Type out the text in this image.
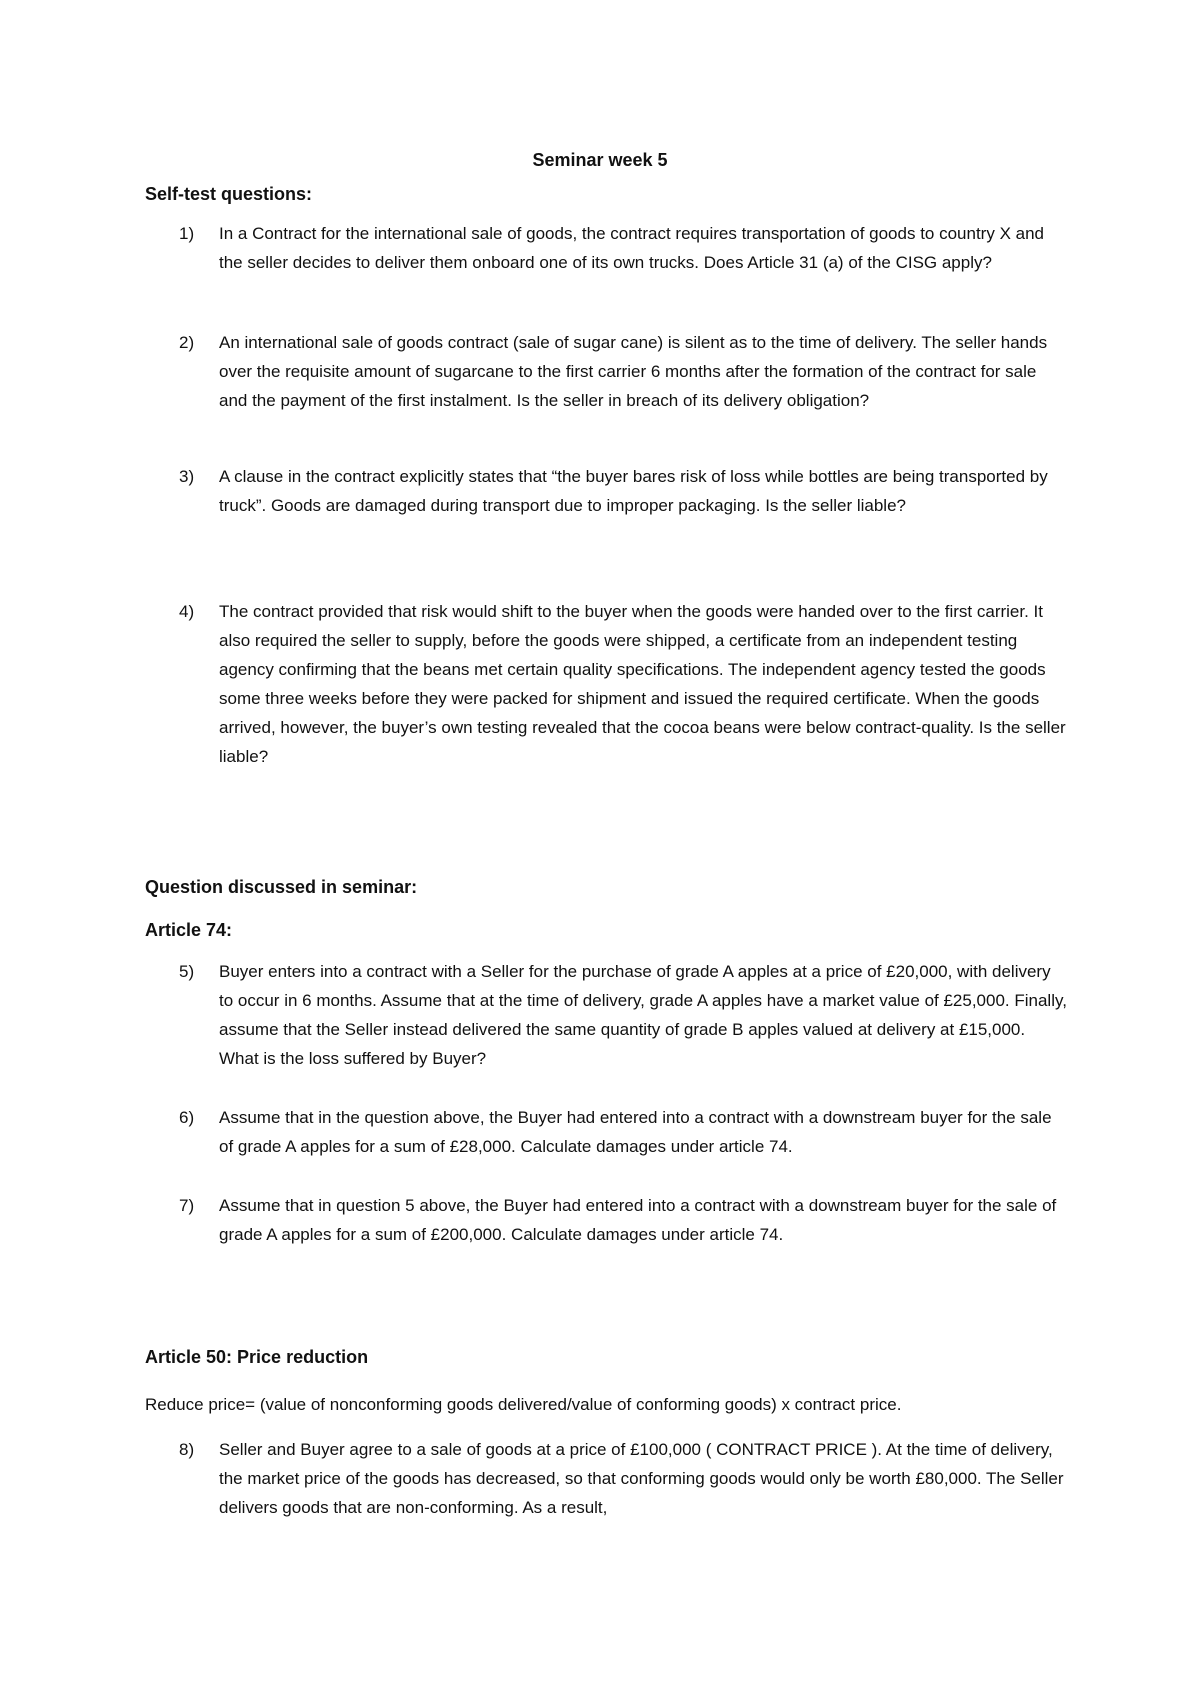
Seminar week 5
Self-test questions:
1) In a Contract for the international sale of goods, the contract requires transportation of goods to country X and the seller decides to deliver them onboard one of its own trucks. Does Article 31 (a) of the CISG apply?
2) An international sale of goods contract (sale of sugar cane) is silent as to the time of delivery. The seller hands over the requisite amount of sugarcane to the first carrier 6 months after the formation of the contract for sale and the payment of the first instalment. Is the seller in breach of its delivery obligation?
3) A clause in the contract explicitly states that “the buyer bares risk of loss while bottles are being transported by truck”. Goods are damaged during transport due to improper packaging. Is the seller liable?
4) The contract provided that risk would shift to the buyer when the goods were handed over to the first carrier. It also required the seller to supply, before the goods were shipped, a certificate from an independent testing agency confirming that the beans met certain quality specifications. The independent agency tested the goods some three weeks before they were packed for shipment and issued the required certificate. When the goods arrived, however, the buyer’s own testing revealed that the cocoa beans were below contract-quality. Is the seller liable?
Question discussed in seminar:
Article 74:
5) Buyer enters into a contract with a Seller for the purchase of grade A apples at a price of £20,000, with delivery to occur in 6 months. Assume that at the time of delivery, grade A apples have a market value of £25,000. Finally, assume that the Seller instead delivered the same quantity of grade B apples valued at delivery at £15,000. What is the loss suffered by Buyer?
6) Assume that in the question above, the Buyer had entered into a contract with a downstream buyer for the sale of grade A apples for a sum of £28,000. Calculate damages under article 74.
7) Assume that in question 5 above, the Buyer had entered into a contract with a downstream buyer for the sale of grade A apples for a sum of £200,000. Calculate damages under article 74.
Article 50: Price reduction
Reduce price= (value of nonconforming goods delivered/value of conforming goods) x contract price.
8) Seller and Buyer agree to a sale of goods at a price of £100,000 ( CONTRACT PRICE ). At the time of delivery, the market price of the goods has decreased, so that conforming goods would only be worth £80,000. The Seller delivers goods that are non-conforming. As a result,
